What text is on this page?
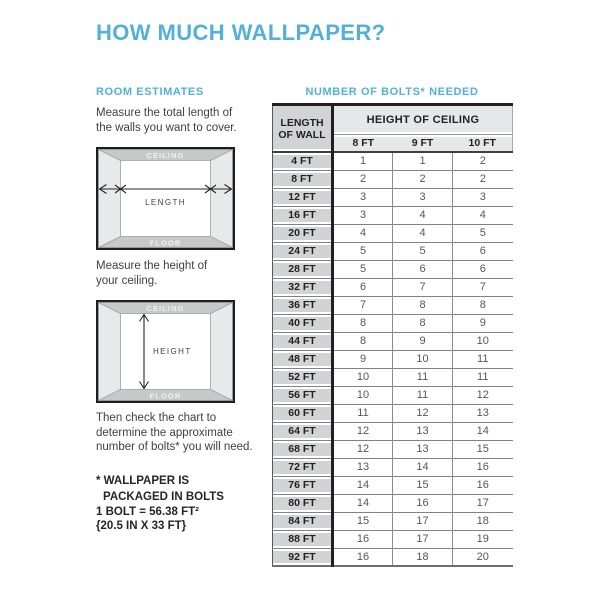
HOW MUCH WALLPAPER?
ROOM ESTIMATES	NUMBER OF BOLTS* NEEDED

Measure the total length of
the walls you want to cover.

CEILING
FLOOR
LENGTH

Measure the height of
your ceiling.

CEILING
FLOOR
HEIGHT

Then check the chart to
determine the approximate
number of bolts* you will need.

* WALLPAPER IS
PACKAGED IN BOLTS

1 BOLT = 56.38 FT²
{20.5 IN X 33 FT}

LENGTH
OF WALL	HEIGHT OF CEILING		
	8 FT	9 FT	10 FT
4 FT	1	1	2
8 FT	2	2	2
12 FT	3	3	3
16 FT	3	4	4
20 FT	4	4	5
24 FT	5	5	6
28 FT	5	6	6
32 FT	6	7	7
36 FT	7	8	8
40 FT	8	8	9
44 FT	8	9	10
48 FT	9	10	11
52 FT	10	11	11
56 FT	10	11	12
60 FT	11	12	13
64 FT	12	13	14
68 FT	12	13	15
72 FT	13	14	16
76 FT	14	15	16
80 FT	14	16	17
84 FT	15	17	18
88 FT	16	17	19
92 FT	16	18	20
